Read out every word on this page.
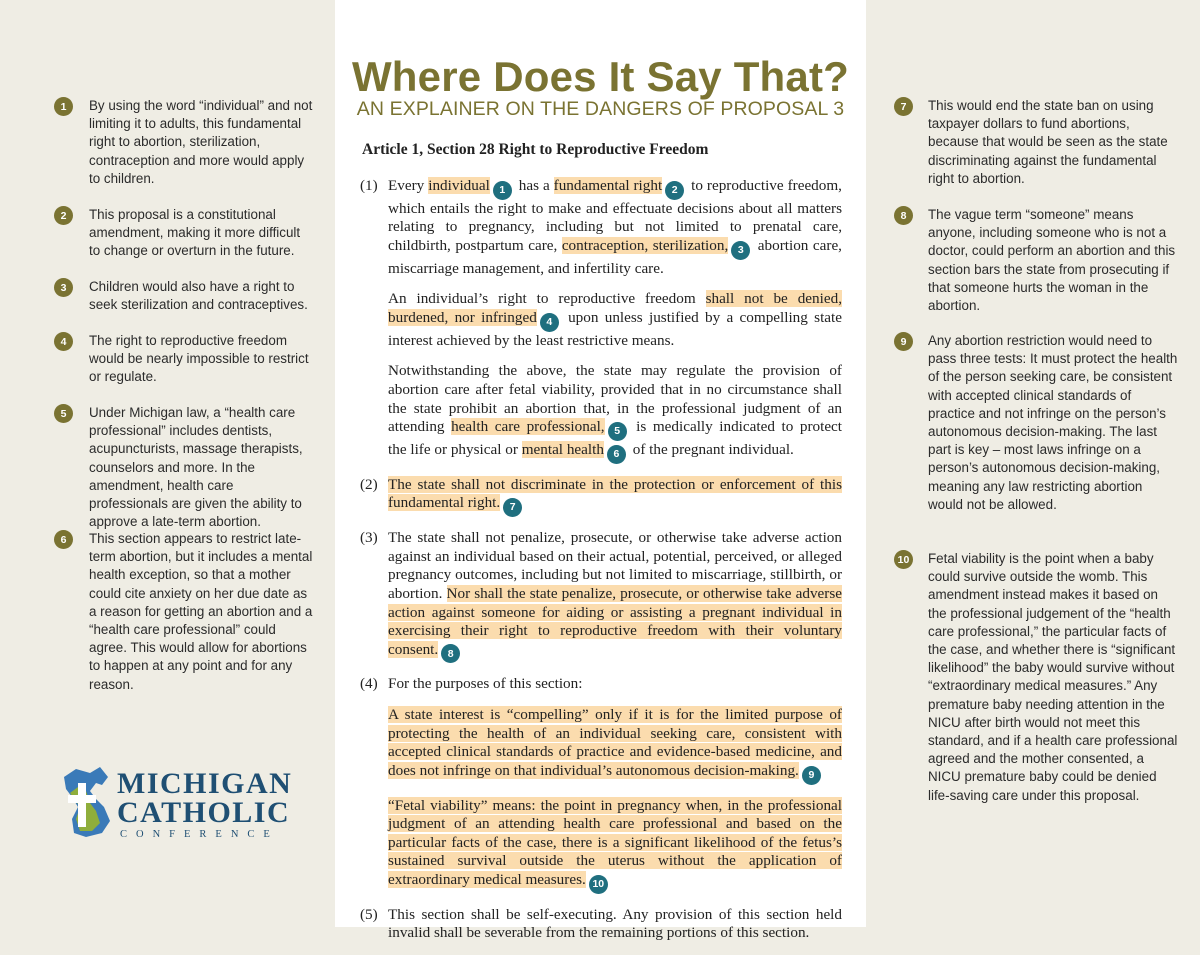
1	By using the word “individual” and not limiting it to adults, this fundamental right to abortion, sterilization, contraception and more would apply to children.
2	This proposal is a constitutional amendment, making it more difficult to change or overturn in the future.
3	Children would also have a right to seek sterilization and contraceptives.
4	The right to reproductive freedom would be nearly impossible to restrict or regulate.
5	Under Michigan law, a “health care professional” includes dentists, acupuncturists, massage therapists, counselors and more. In the amendment, health care professionals are given the ability to approve a late-term abortion.
6	This section appears to restrict late-term abortion, but it includes a mental health exception, so that a mother could cite anxiety on her due date as a reason for getting an abortion and a “health care professional” could agree. This would allow for abortions to happen at any point and for any reason.
MICHIGAN
CATHOLIC
CONFERENCE
Where Does It Say That?
AN EXPLAINER ON THE DANGERS OF PROPOSAL 3
Article 1, Section 28 Right to Reproductive Freedom
(1) Every individual 1 has a fundamental right 2 to reproductive freedom, which entails the right to make and effectuate decisions about all matters relating to pregnancy, including but not limited to prenatal care, childbirth, postpartum care, contraception, sterilization, 3 abortion care, miscarriage management, and infertility care.
An individual’s right to reproductive freedom shall not be denied, burdened, nor infringed 4 upon unless justified by a compelling state interest achieved by the least restrictive means.
Notwithstanding the above, the state may regulate the provision of abortion care after fetal viability, provided that in no circumstance shall the state prohibit an abortion that, in the professional judgment of an attending health care professional, 5 is medically indicated to protect the life or physical or mental health 6 of the pregnant individual.
(2) The state shall not discriminate in the protection or enforcement of this fundamental right. 7
(3) The state shall not penalize, prosecute, or otherwise take adverse action against an individual based on their actual, potential, perceived, or alleged pregnancy outcomes, including but not limited to miscarriage, stillbirth, or abortion. Nor shall the state penalize, prosecute, or otherwise take adverse action against someone for aiding or assisting a pregnant individual in exercising their right to reproductive freedom with their voluntary consent. 8
(4) For the purposes of this section:
A state interest is “compelling” only if it is for the limited purpose of protecting the health of an individual seeking care, consistent with accepted clinical standards of practice and evidence-based medicine, and does not infringe on that individual’s autonomous decision-making. 9
“Fetal viability” means: the point in pregnancy when, in the professional judgment of an attending health care professional and based on the particular facts of the case, there is a significant likelihood of the fetus’s sustained survival outside the uterus without the application of extraordinary medical measures. 10
(5) This section shall be self-executing. Any provision of this section held invalid shall be severable from the remaining portions of this section.
7	This would end the state ban on using taxpayer dollars to fund abortions, because that would be seen as the state discriminating against the fundamental right to abortion.
8	The vague term “someone” means anyone, including someone who is not a doctor, could perform an abortion and this section bars the state from prosecuting if that someone hurts the woman in the abortion.
9	Any abortion restriction would need to pass three tests: It must protect the health of the person seeking care, be consistent with accepted clinical standards of practice and not infringe on the person’s autonomous decision-making. The last part is key – most laws infringe on a person’s autonomous decision-making, meaning any law restricting abortion would not be allowed.
10 Fetal viability is the point when a baby could survive outside the womb. This amendment instead makes it based on the professional judgement of the “health care professional,” the particular facts of the case, and whether there is “significant likelihood” the baby would survive without “extraordinary medical measures.” Any premature baby needing attention in the NICU after birth would not meet this standard, and if a health care professional agreed and the mother consented, a NICU premature baby could be denied life-saving care under this proposal.
